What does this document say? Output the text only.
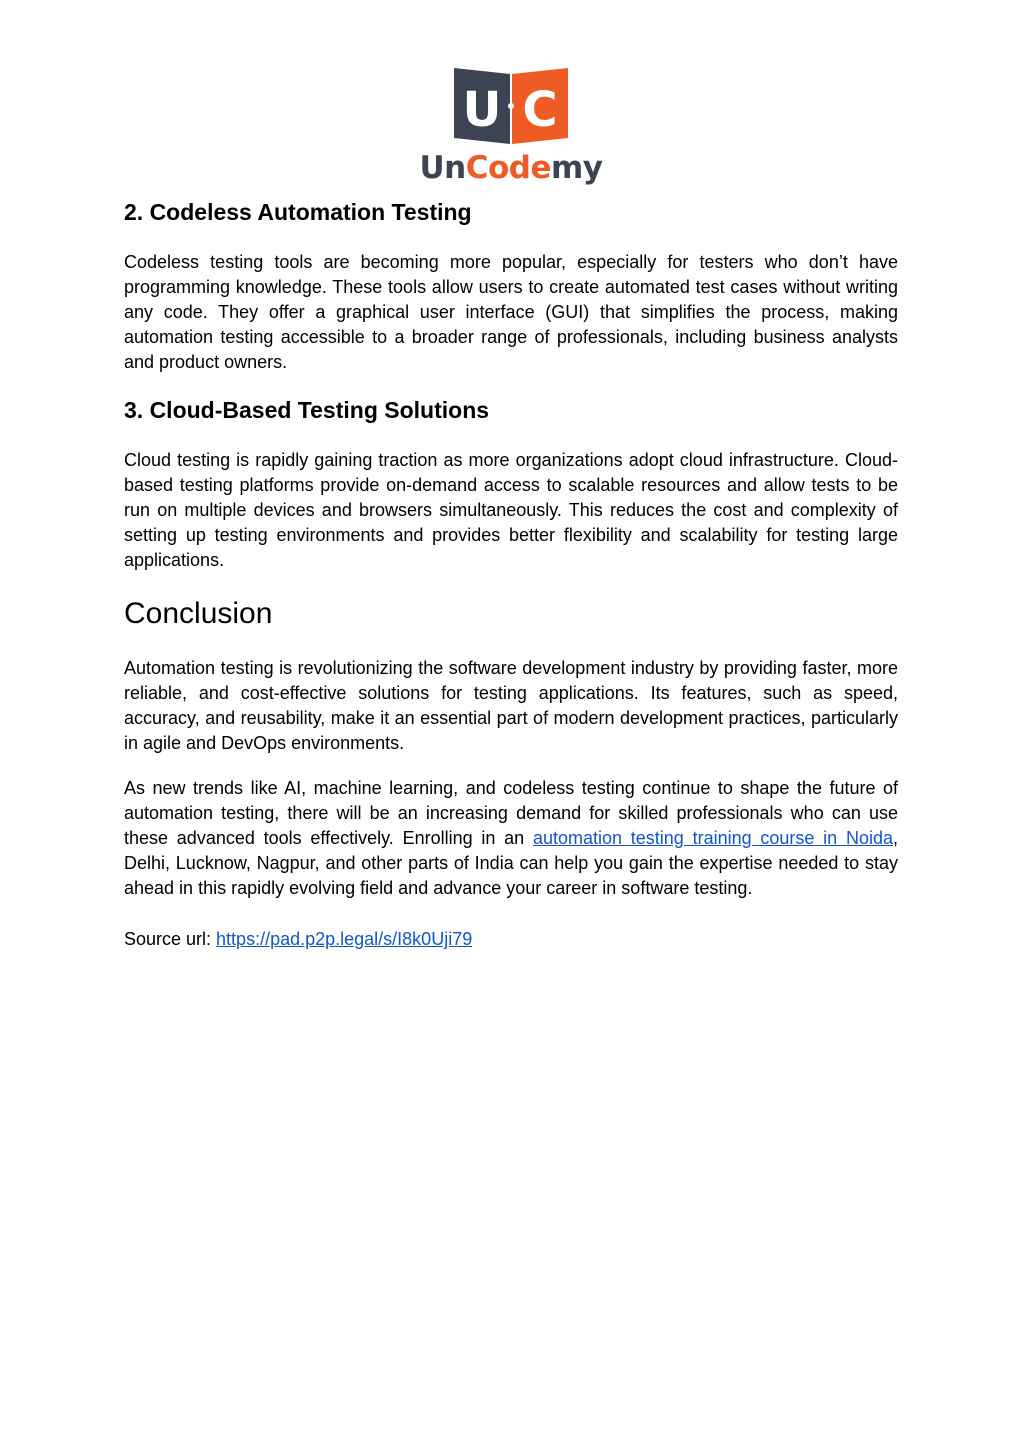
U C
UnCodemy
2. Codeless Automation Testing

Codeless testing tools are becoming more popular, especially for testers who don’t have programming knowledge. These tools allow users to create automated test cases without writing any code. They offer a graphical user interface (GUI) that simplifies the process, making automation testing accessible to a broader range of professionals, including business analysts and product owners.

3. Cloud-Based Testing Solutions

Cloud testing is rapidly gaining traction as more organizations adopt cloud infrastructure. Cloud-based testing platforms provide on-demand access to scalable resources and allow tests to be run on multiple devices and browsers simultaneously. This reduces the cost and complexity of setting up testing environments and provides better flexibility and scalability for testing large applications.

Conclusion

Automation testing is revolutionizing the software development industry by providing faster, more reliable, and cost-effective solutions for testing applications. Its features, such as speed, accuracy, and reusability, make it an essential part of modern development practices, particularly in agile and DevOps environments.

As new trends like AI, machine learning, and codeless testing continue to shape the future of automation testing, there will be an increasing demand for skilled professionals who can use these advanced tools effectively. Enrolling in an automation testing training course in Noida, Delhi, Lucknow, Nagpur, and other parts of India can help you gain the expertise needed to stay ahead in this rapidly evolving field and advance your career in software testing.

Source url: https://pad.p2p.legal/s/I8k0Uji79
